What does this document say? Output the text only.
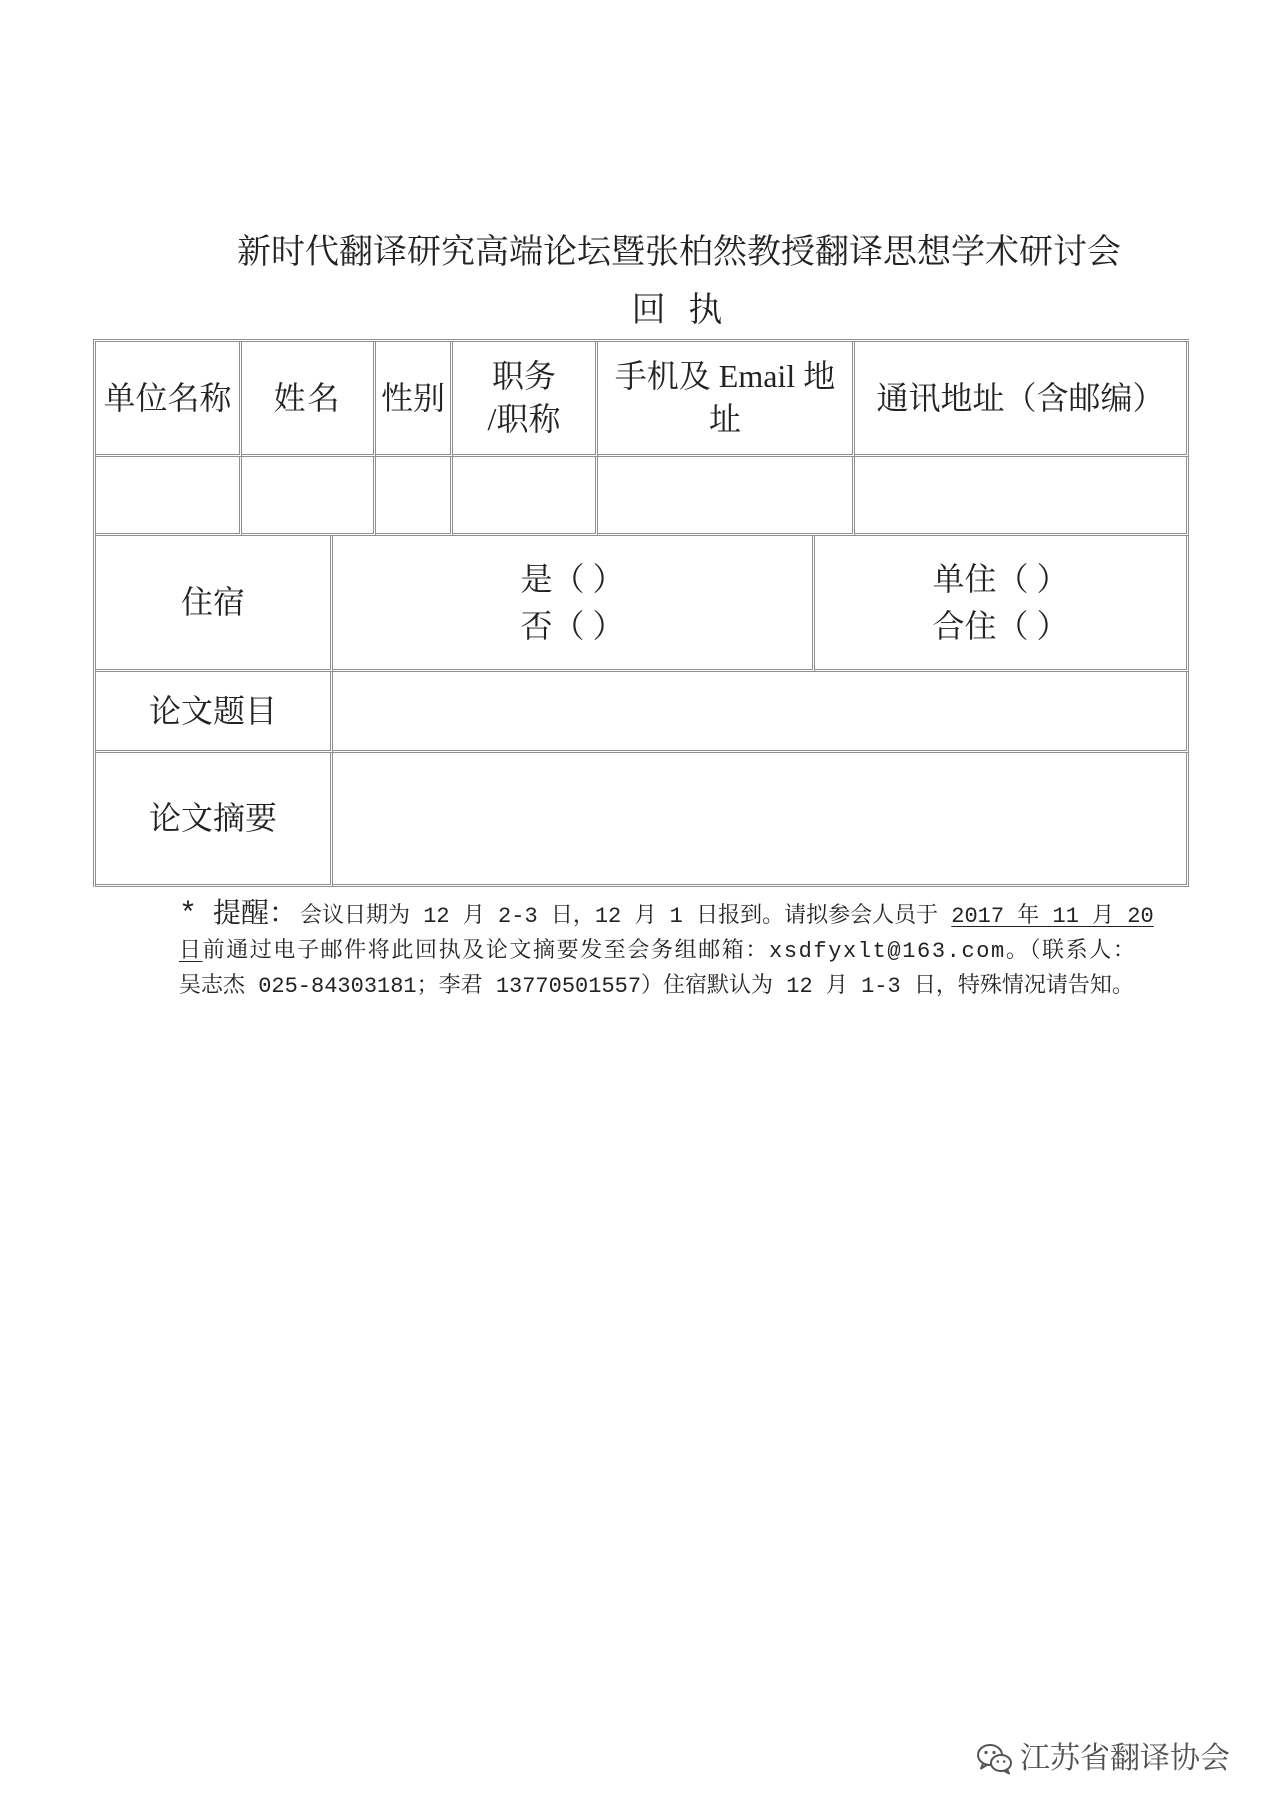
新时代翻译研究高端论坛暨张柏然教授翻译思想学术研讨会
回 执
单位名称 姓名 性别
职务
/职称
手机及 Email 地
址
通讯地址（含邮编）
住宿
是（ ）
否（ ）
单住（ ）
合住（ ）
论文题目
论文摘要
* 提醒： 会议日期为 12 月 2-3 日，12 月 1 日报到。请拟参会人员于 2017 年 11 月 20
日前通过电子邮件将此回执及论文摘要发至会务组邮箱：xsdfyxlt@163.com。（联系人：
吴志杰 025-84303181；李君 13770501557）住宿默认为 12 月 1-3 日，特殊情况请告知。
江苏省翻译协会
